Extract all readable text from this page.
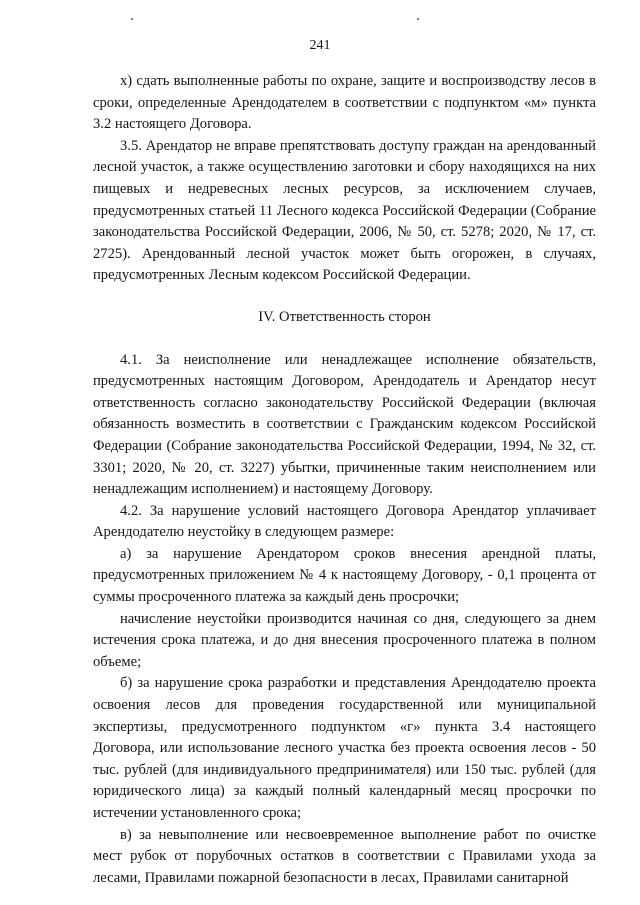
241

х) сдать выполненные работы по охране, защите и воспроизводству лесов в сроки, определенные Арендодателем в соответствии с подпунктом «м» пункта 3.2 настоящего Договора.

3.5. Арендатор не вправе препятствовать доступу граждан на арендованный лесной участок, а также осуществлению заготовки и сбору находящихся на них пищевых и недревесных лесных ресурсов, за исключением случаев, предусмотренных статьей 11 Лесного кодекса Российской Федерации (Собрание законодательства Российской Федерации, 2006, № 50, ст. 5278; 2020, № 17, ст. 2725). Арендованный лесной участок может быть огорожен, в случаях, предусмотренных Лесным кодексом Российской Федерации.

IV. Ответственность сторон

4.1. За неисполнение или ненадлежащее исполнение обязательств, предусмотренных настоящим Договором, Арендодатель и Арендатор несут ответственность согласно законодательству Российской Федерации (включая обязанность возместить в соответствии с Гражданским кодексом Российской Федерации (Собрание законодательства Российской Федерации, 1994, № 32, ст. 3301; 2020, № 20, ст. 3227) убытки, причиненные таким неисполнением или ненадлежащим исполнением) и настоящему Договору.

4.2. За нарушение условий настоящего Договора Арендатор уплачивает Арендодателю неустойку в следующем размере:

а) за нарушение Арендатором сроков внесения арендной платы, предусмотренных приложением № 4 к настоящему Договору, - 0,1 процента от суммы просроченного платежа за каждый день просрочки;

начисление неустойки производится начиная со дня, следующего за днем истечения срока платежа, и до дня внесения просроченного платежа в полном объеме;

б) за нарушение срока разработки и представления Арендодателю проекта освоения лесов для проведения государственной или муниципальной экспертизы, предусмотренного подпунктом «г» пункта 3.4 настоящего Договора, или использование лесного участка без проекта освоения лесов - 50 тыс. рублей (для индивидуального предпринимателя) или 150 тыс. рублей (для юридического лица) за каждый полный календарный месяц просрочки по истечении установленного срока;

в) за невыполнение или несвоевременное выполнение работ по очистке мест рубок от порубочных остатков в соответствии с Правилами ухода за лесами, Правилами пожарной безопасности в лесах, Правилами санитарной
